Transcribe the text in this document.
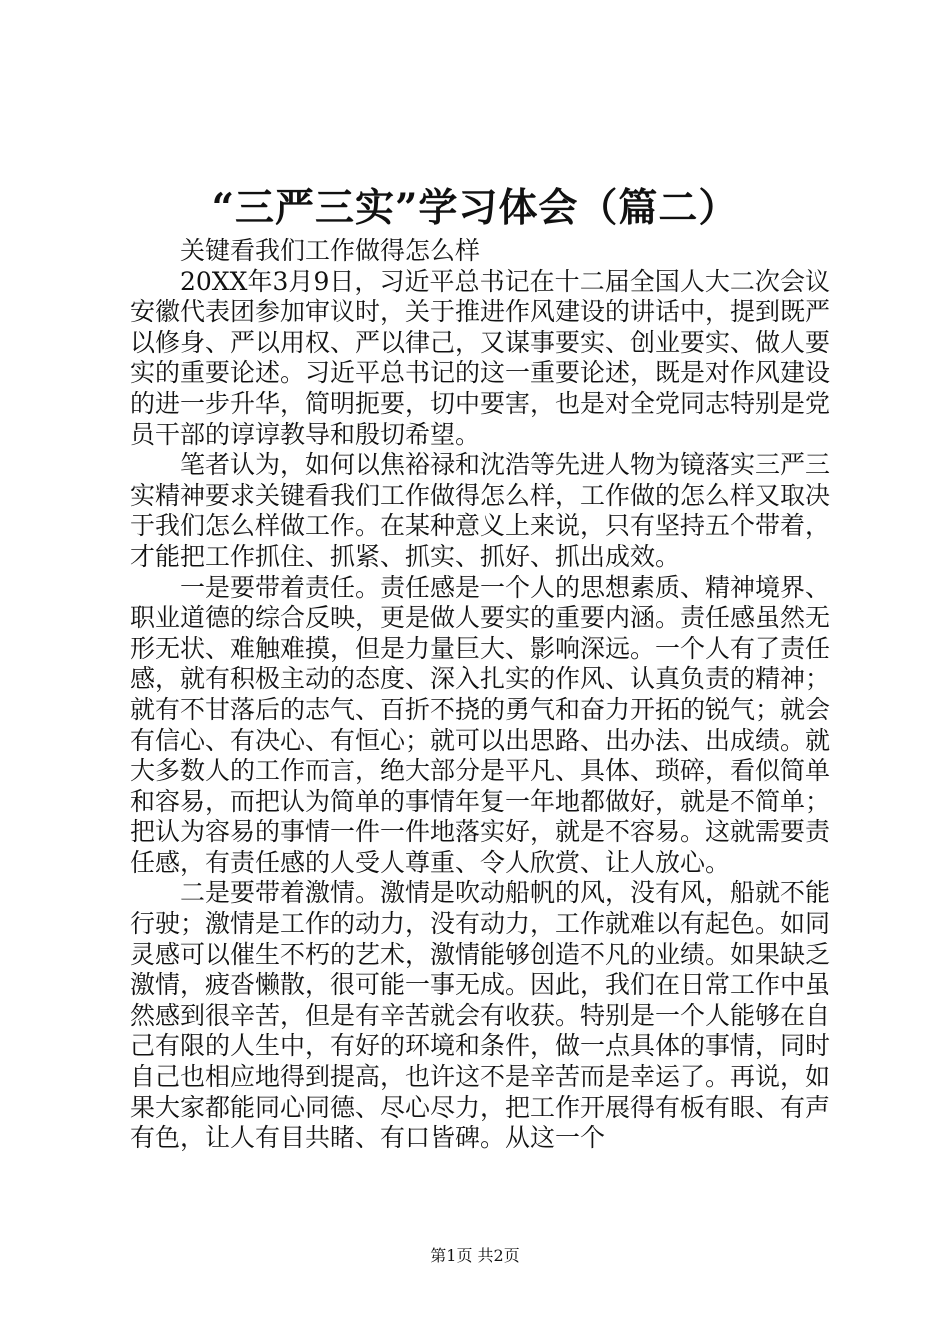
“三严三实”学习体会（篇二）

关键看我们工作做得怎么样

20XX年3月9日，习近平总书记在十二届全国人大二次会议安徽代表团参加审议时，关于推进作风建设的讲话中，提到既严以修身、严以用权、严以律己，又谋事要实、创业要实、做人要实的重要论述。习近平总书记的这一重要论述，既是对作风建设的进一步升华，简明扼要，切中要害，也是对全党同志特别是党员干部的谆谆教导和殷切希望。

笔者认为，如何以焦裕禄和沈浩等先进人物为镜落实三严三实精神要求关键看我们工作做得怎么样，工作做的怎么样又取决于我们怎么样做工作。在某种意义上来说，只有坚持五个带着，才能把工作抓住、抓紧、抓实、抓好、抓出成效。

一是要带着责任。责任感是一个人的思想素质、精神境界、职业道德的综合反映，更是做人要实的重要内涵。责任感虽然无形无状、难触难摸，但是力量巨大、影响深远。一个人有了责任感，就有积极主动的态度、深入扎实的作风、认真负责的精神；就有不甘落后的志气、百折不挠的勇气和奋力开拓的锐气；就会有信心、有决心、有恒心；就可以出思路、出办法、出成绩。就大多数人的工作而言，绝大部分是平凡、具体、琐碎，看似简单和容易，而把认为简单的事情年复一年地都做好，就是不简单；把认为容易的事情一件一件地落实好，就是不容易。这就需要责任感，有责任感的人受人尊重、令人欣赏、让人放心。

二是要带着激情。激情是吹动船帆的风，没有风，船就不能行驶；激情是工作的动力，没有动力，工作就难以有起色。如同灵感可以催生不朽的艺术，激情能够创造不凡的业绩。如果缺乏激情，疲沓懒散，很可能一事无成。因此，我们在日常工作中虽然感到很辛苦，但是有辛苦就会有收获。特别是一个人能够在自己有限的人生中，有好的环境和条件，做一点具体的事情，同时自己也相应地得到提高，也许这不是辛苦而是幸运了。再说，如果大家都能同心同德、尽心尽力，把工作开展得有板有眼、有声有色，让人有目共睹、有口皆碑。从这一个

第1页 共2页
